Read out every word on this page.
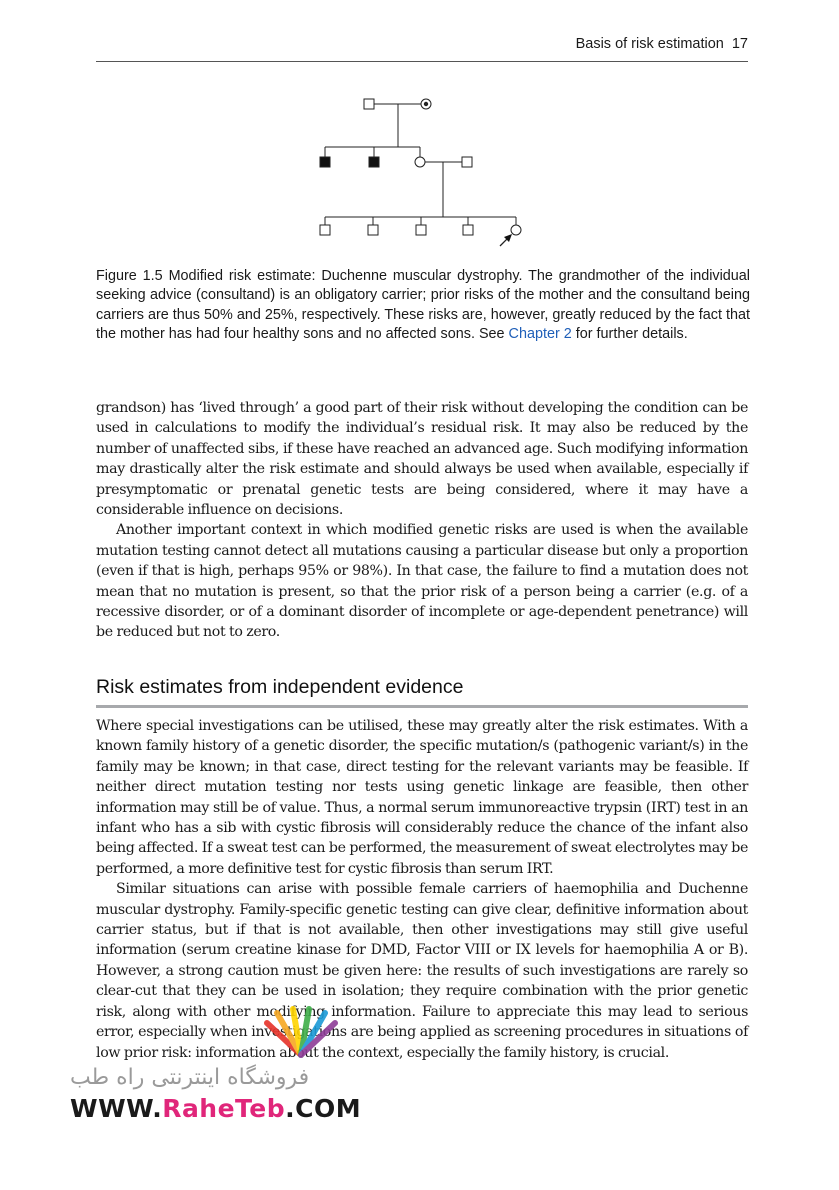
Basis of risk estimation 17
Figure 1.5 Modified risk estimate: Duchenne muscular dystrophy. The grandmother of the individual seeking advice (consultand) is an obligatory carrier; prior risks of the mother and the consultand being carriers are thus 50% and 25%, respectively. These risks are, however, greatly reduced by the fact that the mother has had four healthy sons and no affected sons. See Chapter 2 for further details.

grandson) has ‘lived through’ a good part of their risk without developing the condition can be used in calculations to modify the individual’s residual risk. It may also be reduced by the number of unaffected sibs, if these have reached an advanced age. Such modifying information may drastically alter the risk estimate and should always be used when available, especially if presymptomatic or prenatal genetic tests are being considered, where it may have a considerable influence on decisions.

Another important context in which modified genetic risks are used is when the available mutation testing cannot detect all mutations causing a particular disease but only a proportion (even if that is high, perhaps 95% or 98%). In that case, the failure to find a mutation does not mean that no mutation is present, so that the prior risk of a person being a carrier (e.g. of a recessive disorder, or of a dominant disorder of incomplete or age-dependent penetrance) will be reduced but not to zero.

Risk estimates from independent evidence

Where special investigations can be utilised, these may greatly alter the risk estimates. With a known family history of a genetic disorder, the specific mutation/s (pathogenic variant/s) in the family may be known; in that case, direct testing for the relevant variants may be feasible. If neither direct mutation testing nor tests using genetic linkage are feasible, then other information may still be of value. Thus, a normal serum immunoreactive trypsin (IRT) test in an infant who has a sib with cystic fibrosis will considerably reduce the chance of the infant also being affected. If a sweat test can be performed, the measurement of sweat electrolytes may be performed, a more definitive test for cystic fibrosis than serum IRT.

Similar situations can arise with possible female carriers of haemophilia and Duchenne muscular dystrophy. Family-specific genetic testing can give clear, definitive information about carrier status, but if that is not available, then other investigations may still give useful information (serum creatine kinase for DMD, Factor VIII or IX levels for haemophilia A or B). However, a strong caution must be given here: the results of such investigations are rarely so clear-cut that they can be used in isolation; they require combination with the prior genetic risk, along with other modifying information. Failure to appreciate this may lead to serious error, especially when investigations are being applied as screening procedures in situations of low prior risk: information about the context, especially the family history, is crucial.

فروشگاه اینترنتی راه طب
WWW.RaheTeb.COM
